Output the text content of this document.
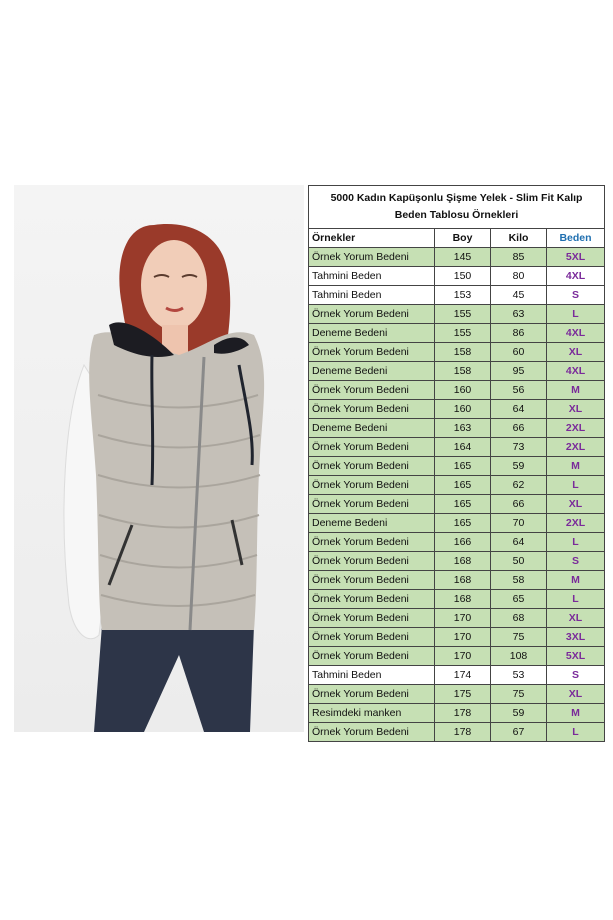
5000 Kadın Kapüşonlu Şişme Yelek - Slim Fit Kalıp
Beden Tablosu Örnekleri			

Örnekler	Boy	Kilo	Beden
Örnek Yorum Bedeni	145	85	5XL
Tahmini Beden	150	80	4XL
Tahmini Beden	153	45	S
Örnek Yorum Bedeni	155	63	L
Deneme Bedeni	155	86	4XL
Örnek Yorum Bedeni	158	60	XL
Deneme Bedeni	158	95	4XL
Örnek Yorum Bedeni	160	56	M
Örnek Yorum Bedeni	160	64	XL
Deneme Bedeni	163	66	2XL
Örnek Yorum Bedeni	164	73	2XL
Örnek Yorum Bedeni	165	59	M
Örnek Yorum Bedeni	165	62	L
Örnek Yorum Bedeni	165	66	XL
Deneme Bedeni	165	70	2XL
Örnek Yorum Bedeni	166	64	L
Örnek Yorum Bedeni	168	50	S
Örnek Yorum Bedeni	168	58	M
Örnek Yorum Bedeni	168	65	L
Örnek Yorum Bedeni	170	68	XL
Örnek Yorum Bedeni	170	75	3XL
Örnek Yorum Bedeni	170	108	5XL
Tahmini Beden	174	53	S
Örnek Yorum Bedeni	175	75	XL
Resimdeki manken	178	59	M
Örnek Yorum Bedeni	178	67	L
